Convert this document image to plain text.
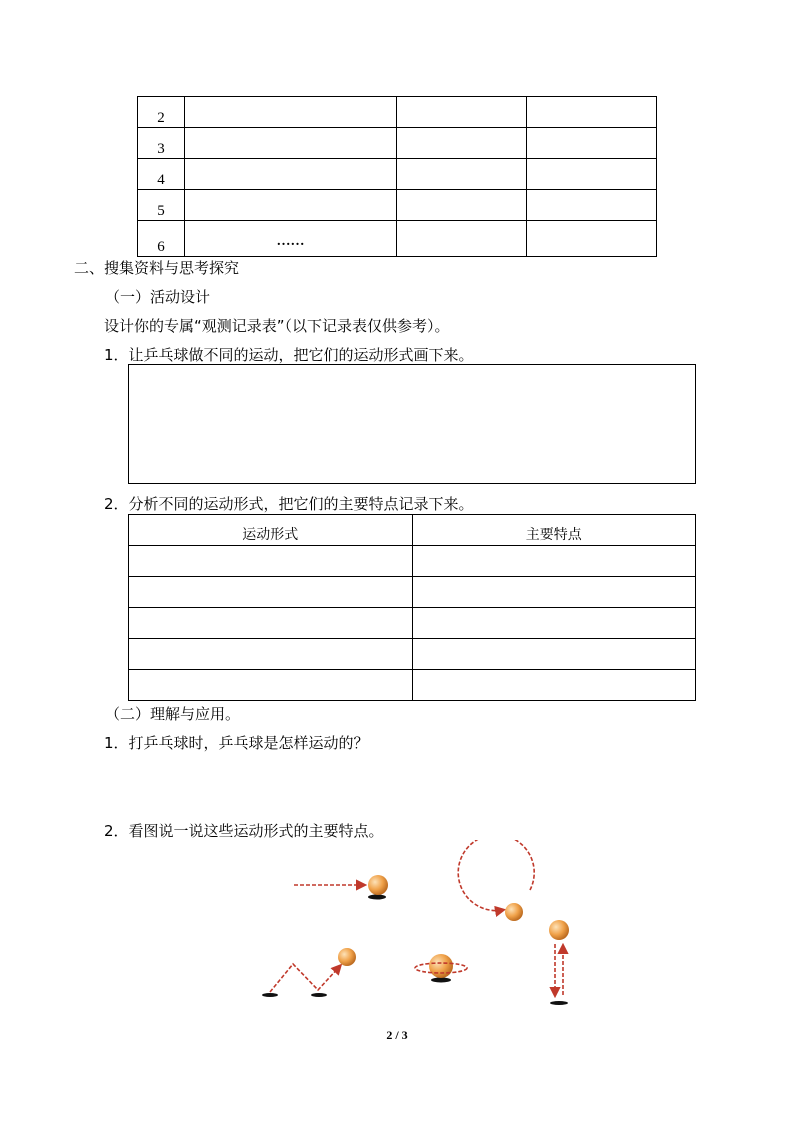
2			
3			
4			
5			
6	……		
二、搜集资料与思考探究
（一）活动设计
设计你的专属“观测记录表”（以下记录表仅供参考）。
1．让乒乓球做不同的运动，把它们的运动形式画下来。
2．分析不同的运动形式，把它们的主要特点记录下来。
运动形式	主要特点

（二）理解与应用。
1．打乒乓球时，乒乓球是怎样运动的？
2．看图说一说这些运动形式的主要特点。
2 / 3
